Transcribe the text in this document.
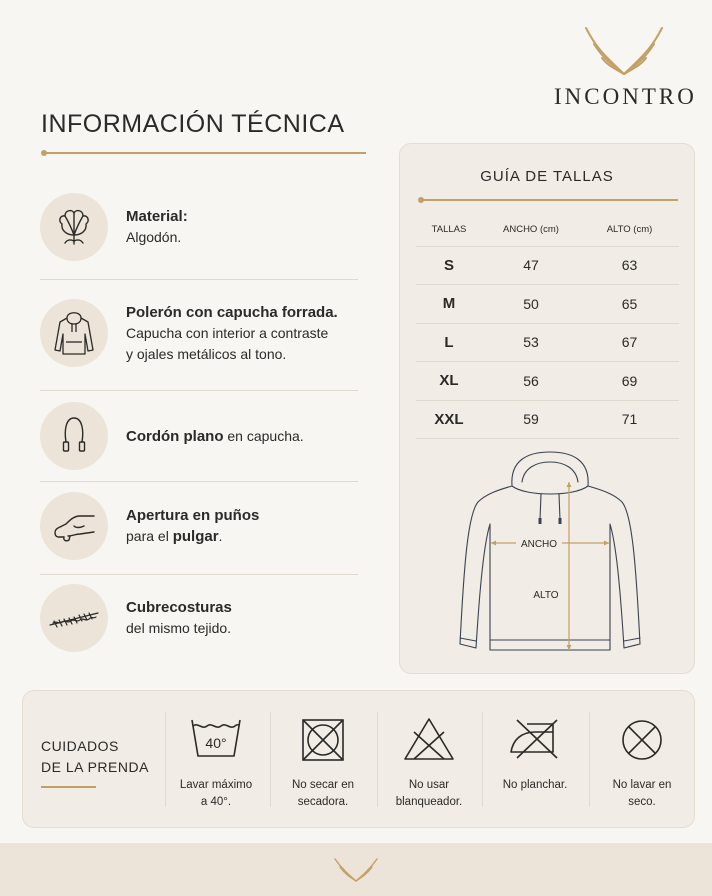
INCONTRO
INFORMACIÓN TÉCNICA
Material:
Algodón.
Polerón con capucha forrada.
Capucha con interior a contraste
y ojales metálicos al tono.
Cordón plano en capucha.
Apertura en puños
para el pulgar.
Cubrecosturas
del mismo tejido.
GUÍA DE TALLAS
TALLAS	ANCHO (cm)	ALTO (cm)
S	47	63
M	50	65
L	53	67
XL	56	69
XXL	59	71
ANCHO
ALTO
CUIDADOS
DE LA PRENDA
40°
Lavar máximo
a 40°.
No secar en
secadora.
No usar
blanqueador.
No planchar.	No lavar en
seco.
